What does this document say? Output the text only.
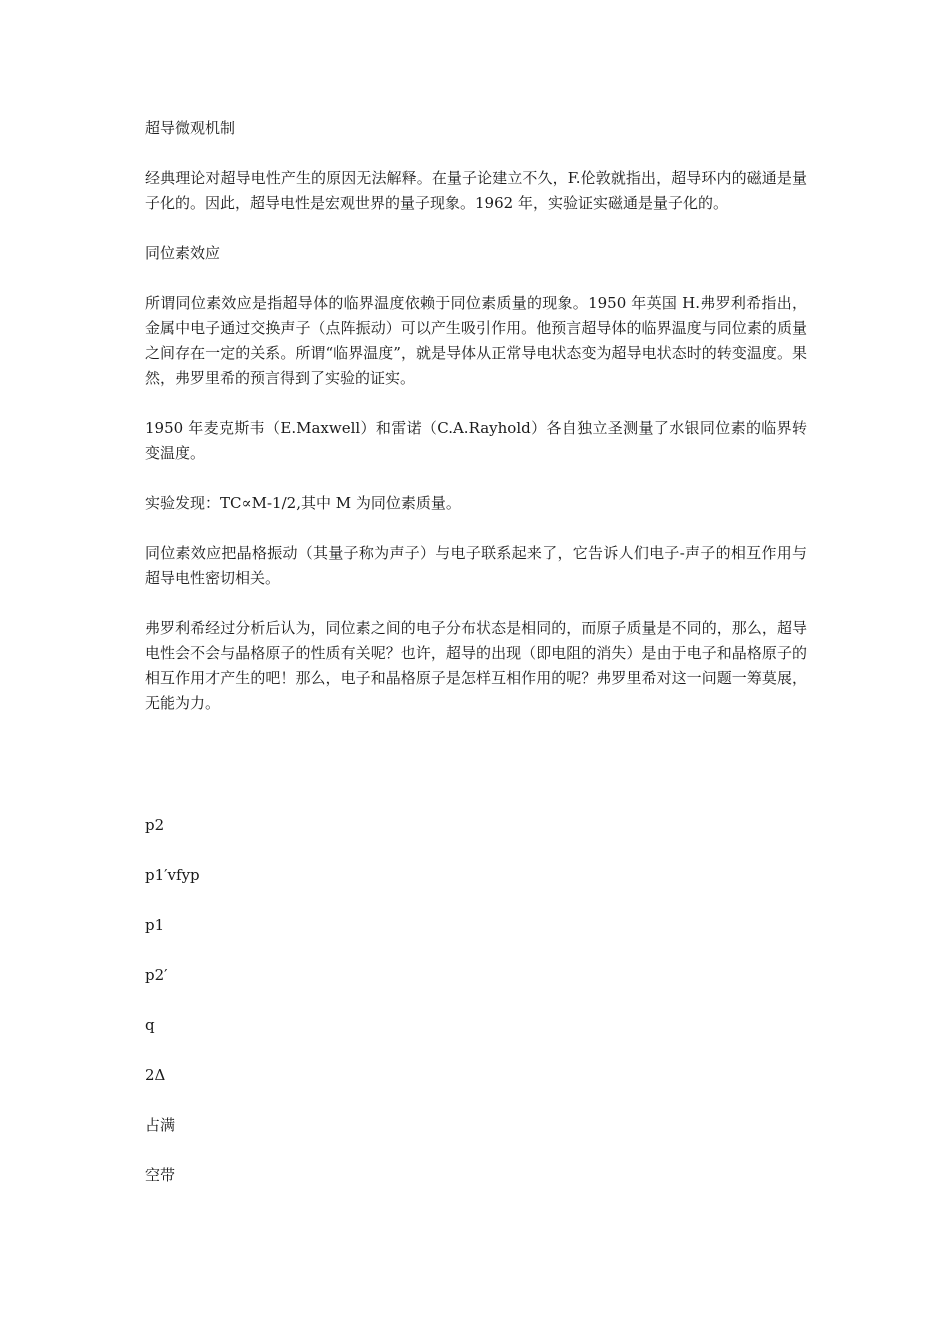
超导微观机制

经典理论对超导电性产生的原因无法解释。在量子论建立不久，F.伦敦就指出，超导环内的磁通是量子化的。因此，超导电性是宏观世界的量子现象。1962 年，实验证实磁通是量子化的。

同位素效应

所谓同位素效应是指超导体的临界温度依赖于同位素质量的现象。1950 年英国 H.弗罗利希指出，金属中电子通过交换声子（点阵振动）可以产生吸引作用。他预言超导体的临界温度与同位素的质量之间存在一定的关系。所谓“临界温度”，就是导体从正常导电状态变为超导电状态时的转变温度。果然，弗罗里希的预言得到了实验的证实。

1950 年麦克斯韦（E.Maxwell）和雷诺（C.A.Rayhold）各自独立圣测量了水银同位素的临界转变温度。

实验发现：TC∝M-1/2,其中 M 为同位素质量。

同位素效应把晶格振动（其量子称为声子）与电子联系起来了，它告诉人们电子-声子的相互作用与超导电性密切相关。

弗罗利希经过分析后认为，同位素之间的电子分布状态是相同的，而原子质量是不同的，那么，超导电性会不会与晶格原子的性质有关呢？也许，超导的出现（即电阻的消失）是由于电子和晶格原子的相互作用才产生的吧！那么，电子和晶格原子是怎样互相作用的呢？弗罗里希对这一问题一筹莫展，无能为力。

p2

p1′vfyp

p1

p2′

q

2Δ

占满

空带
